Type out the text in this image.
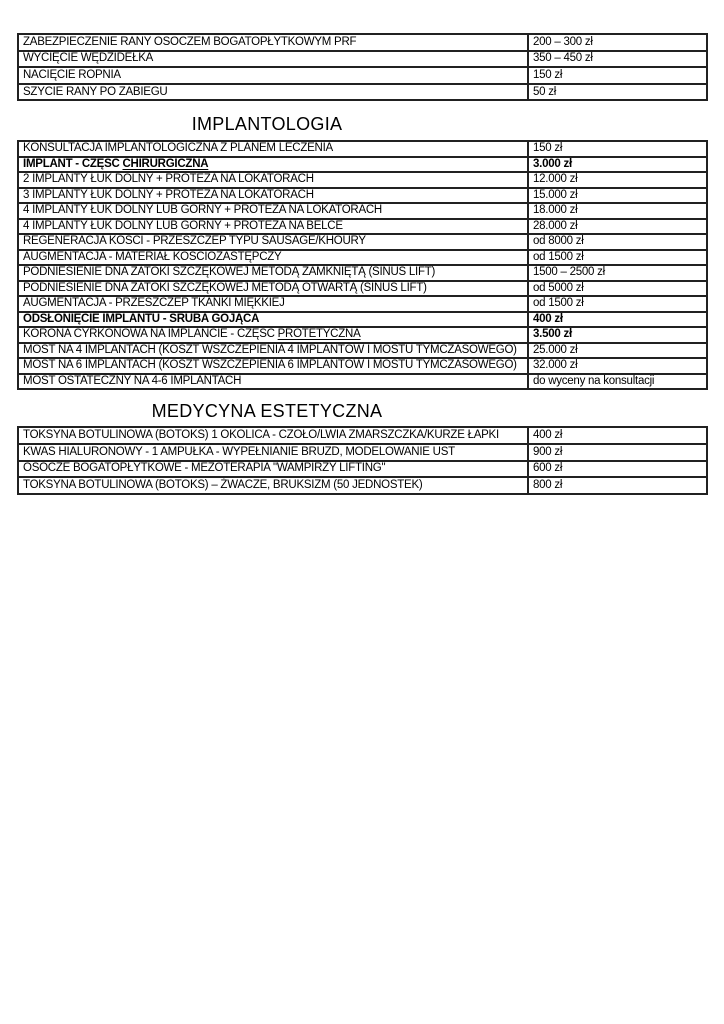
ZABEZPIECZENIE RANY OSOCZEM BOGATOPŁYTKOWYM PRF	200 – 300 zł
WYCIĘCIE WĘDZIDEŁKA	350 – 450 zł
NACIĘCIE ROPNIA	150 zł
SZYCIE RANY PO ZABIEGU	50 zł
IMPLANTOLOGIA
KONSULTACJA IMPLANTOLOGICZNA Z PLANEM LECZENIA	150 zł
IMPLANT - CZĘŚĆ CHIRURGICZNA	3.000 zł
2 IMPLANTY ŁUK DOLNY + PROTEZA NA LOKATORACH	12.000 zł
3 IMPLANTY ŁUK DOLNY + PROTEZA NA LOKATORACH	15.000 zł
4 IMPLANTY ŁUK DOLNY LUB GÓRNY + PROTEZA NA LOKATORACH	18.000 zł
4 IMPLANTY ŁUK DOLNY LUB GÓRNY + PROTEZA NA BELCE	28.000 zł
REGENERACJA KOŚCI - PRZESZCZEP TYPU SAUSAGE/KHOURY	od 8000 zł
AUGMENTACJA - MATERIAŁ KOŚCIOZASTĘPCZY	od 1500 zł
PODNIESIENIE DNA ZATOKI SZCZĘKOWEJ METODĄ ZAMKNIĘTĄ (SINUS LIFT)	1500 – 2500 zł
PODNIESIENIE DNA ZATOKI SZCZĘKOWEJ METODĄ OTWARTĄ (SINUS LIFT)	od 5000 zł
AUGMENTACJA - PRZESZCZEP TKANKI MIĘKKIEJ	od 1500 zł
ODSŁONIĘCIE IMPLANTU - ŚRUBA GOJĄCA	400 zł
KORONA CYRKONOWA NA IMPLANCIE - CZĘŚĆ PROTETYCZNA	3.500 zł
MOST NA 4 IMPLANTACH (KOSZT WSZCZEPIENIA 4 IMPLANTÓW I MOSTU TYMCZASOWEGO)	25.000 zł
MOST NA 6 IMPLANTACH (KOSZT WSZCZEPIENIA 6 IMPLANTÓW I MOSTU TYMCZASOWEGO)	32.000 zł
MOST OSTATECZNY NA 4-6 IMPLANTACH	do wyceny na konsultacji
MEDYCYNA ESTETYCZNA
TOKSYNA BOTULINOWA (BOTOKS) 1 OKOLICA - CZOŁO/LWIA ZMARSZCZKA/KURZE ŁAPKI	400 zł
KWAS HIALURONOWY - 1 AMPUŁKA - WYPEŁNIANIE BRUZD, MODELOWANIE UST	900 zł
OSOCZE BOGATOPŁYTKOWE - MEZOTERAPIA "WAMPIRZY LIFTING"	600 zł
TOKSYNA BOTULINOWA (BOTOKS) – ŻWACZE, BRUKSIZM (50 JEDNOSTEK)	800 zł
